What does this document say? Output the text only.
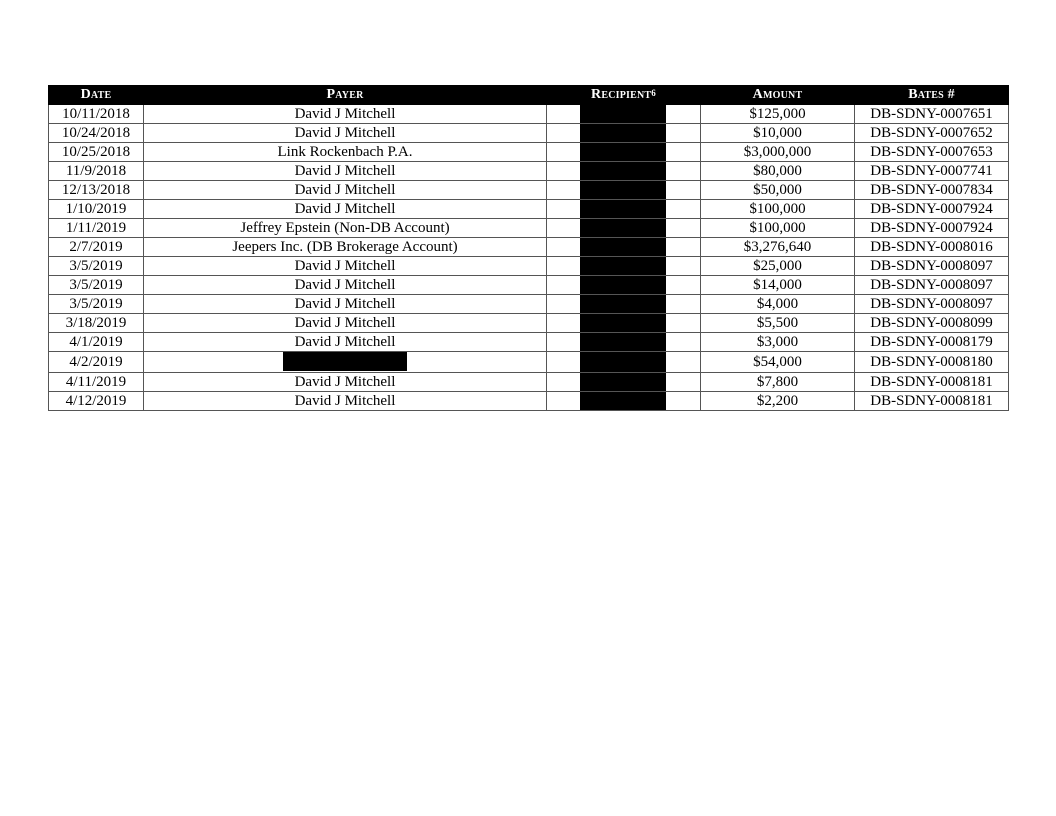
Date	Payer	Recipient$^6$	Amount	Bates #
10/11/2018	David J Mitchell		$125,000	DB-SDNY-0007651
10/24/2018	David J Mitchell		$10,000	DB-SDNY-0007652
10/25/2018	Link Rockenbach P.A.		$3,000,000	DB-SDNY-0007653
11/9/2018	David J Mitchell		$80,000	DB-SDNY-0007741
12/13/2018	David J Mitchell		$50,000	DB-SDNY-0007834
1/10/2019	David J Mitchell		$100,000	DB-SDNY-0007924
1/11/2019	Jeffrey Epstein (Non-DB Account)		$100,000	DB-SDNY-0007924
2/7/2019	Jeepers Inc. (DB Brokerage Account)		$3,276,640	DB-SDNY-0008016
3/5/2019	David J Mitchell		$25,000	DB-SDNY-0008097
3/5/2019	David J Mitchell		$14,000	DB-SDNY-0008097
3/5/2019	David J Mitchell		$4,000	DB-SDNY-0008097
3/18/2019	David J Mitchell		$5,500	DB-SDNY-0008099
4/1/2019	David J Mitchell		$3,000	DB-SDNY-0008179
4/2/2019			$54,000	DB-SDNY-0008180
4/11/2019	David J Mitchell		$7,800	DB-SDNY-0008181
4/12/2019	David J Mitchell		$2,200	DB-SDNY-0008181
